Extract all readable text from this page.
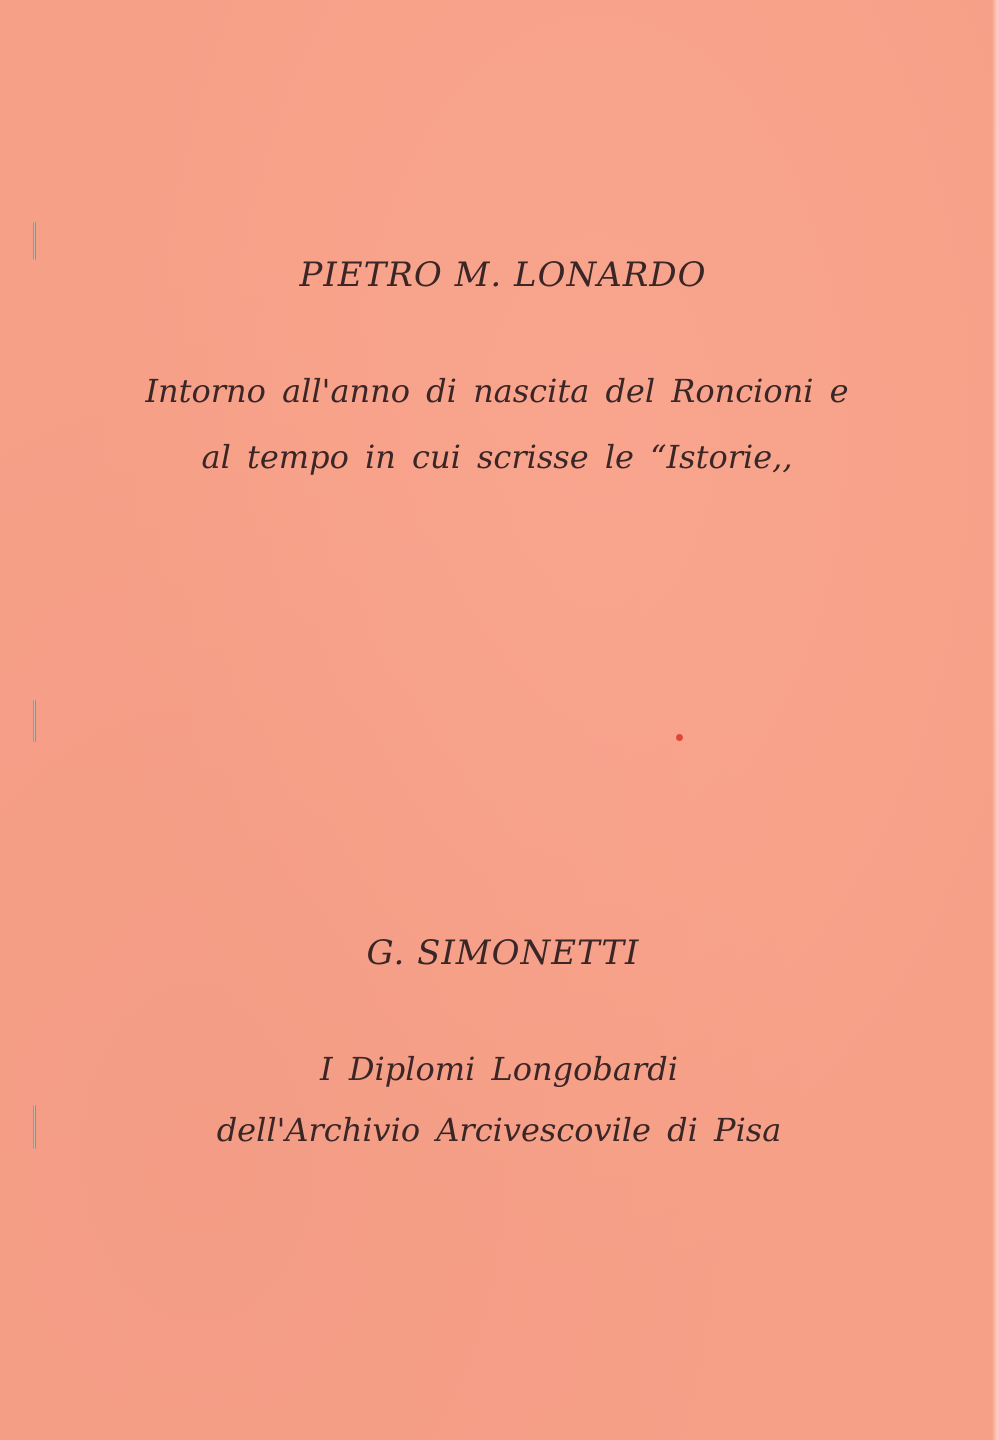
PIETRO M. LONARDO

Intorno all'anno di nascita del Roncioni e

al tempo in cui scrisse le “Istorie,,

G. SIMONETTI

I Diplomi Longobardi

dell'Archivio Arcivescovile di Pisa
